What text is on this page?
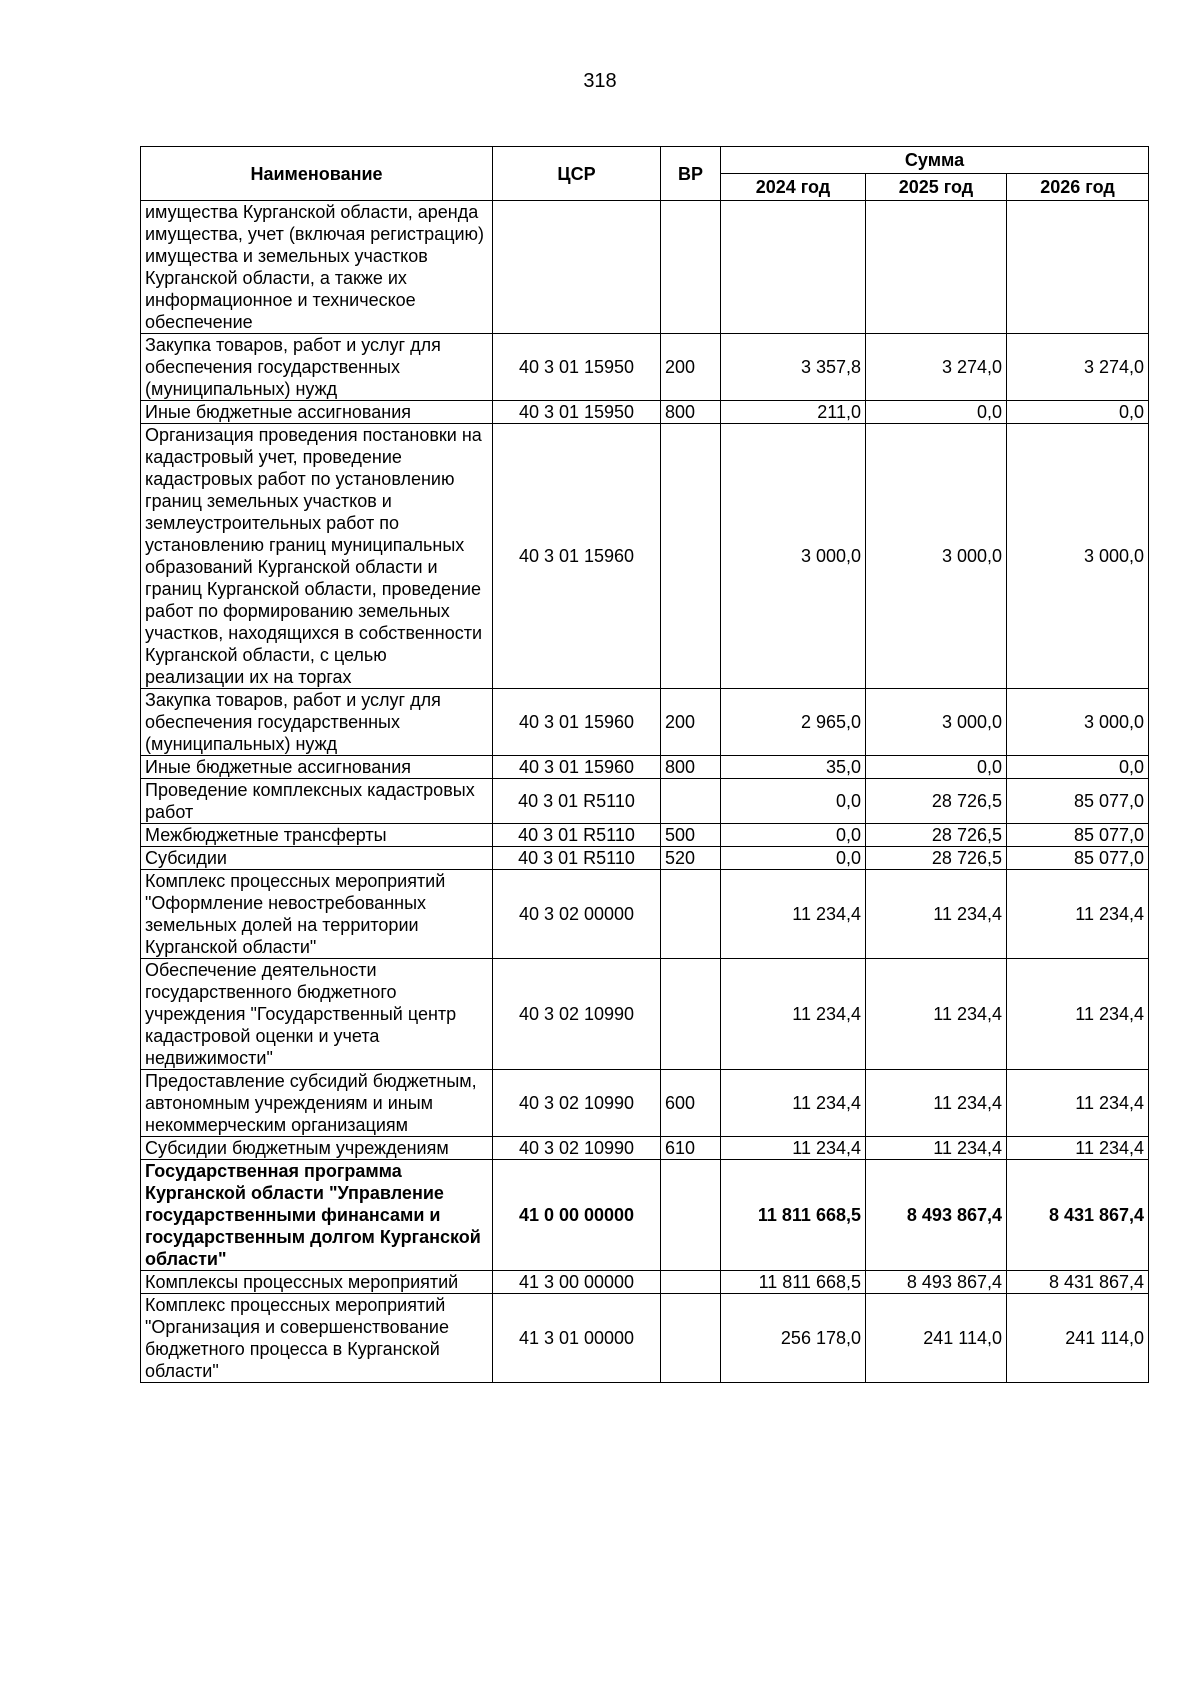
318
Наименование	ЦСР	ВР	Сумма		
			2024 год	2025 год	2026 год
имущества Курганской области, аренда имущества, учет (включая регистрацию) имущества и земельных участков Курганской области, а также их информационное и техническое обеспечение					
Закупка товаров, работ и услуг для обеспечения государственных (муниципальных) нужд	40 3 01 15950	200	3 357,8	3 274,0	3 274,0
Иные бюджетные ассигнования	40 3 01 15950	800	211,0	0,0	0,0
Организация проведения постановки на кадастровый учет, проведение кадастровых работ по установлению границ земельных участков и землеустроительных работ по установлению границ муниципальных образований Курганской области и границ Курганской области, проведение работ по формированию земельных участков, находящихся в собственности Курганской области, с целью реализации их на торгах	40 3 01 15960		3 000,0	3 000,0	3 000,0
Закупка товаров, работ и услуг для обеспечения государственных (муниципальных) нужд	40 3 01 15960	200	2 965,0	3 000,0	3 000,0
Иные бюджетные ассигнования	40 3 01 15960	800	35,0	0,0	0,0
Проведение комплексных кадастровых работ	40 3 01 R5110		0,0	28 726,5	85 077,0
Межбюджетные трансферты	40 3 01 R5110	500	0,0	28 726,5	85 077,0
Субсидии	40 3 01 R5110	520	0,0	28 726,5	85 077,0
Комплекс процессных мероприятий "Оформление невостребованных земельных долей на территории Курганской области"	40 3 02 00000		11 234,4	11 234,4	11 234,4
Обеспечение деятельности государственного бюджетного учреждения "Государственный центр кадастровой оценки и учета недвижимости"	40 3 02 10990		11 234,4	11 234,4	11 234,4
Предоставление субсидий бюджетным, автономным учреждениям и иным некоммерческим организациям	40 3 02 10990	600	11 234,4	11 234,4	11 234,4
Субсидии бюджетным учреждениям	40 3 02 10990	610	11 234,4	11 234,4	11 234,4
Государственная программа Курганской области "Управление государственными финансами и государственным долгом Курганской области"	41 0 00 00000		11 811 668,5	8 493 867,4	8 431 867,4
Комплексы процессных мероприятий	41 3 00 00000		11 811 668,5	8 493 867,4	8 431 867,4
Комплекс процессных мероприятий "Организация и совершенствование бюджетного процесса в Курганской области"	41 3 01 00000		256 178,0	241 114,0	241 114,0
